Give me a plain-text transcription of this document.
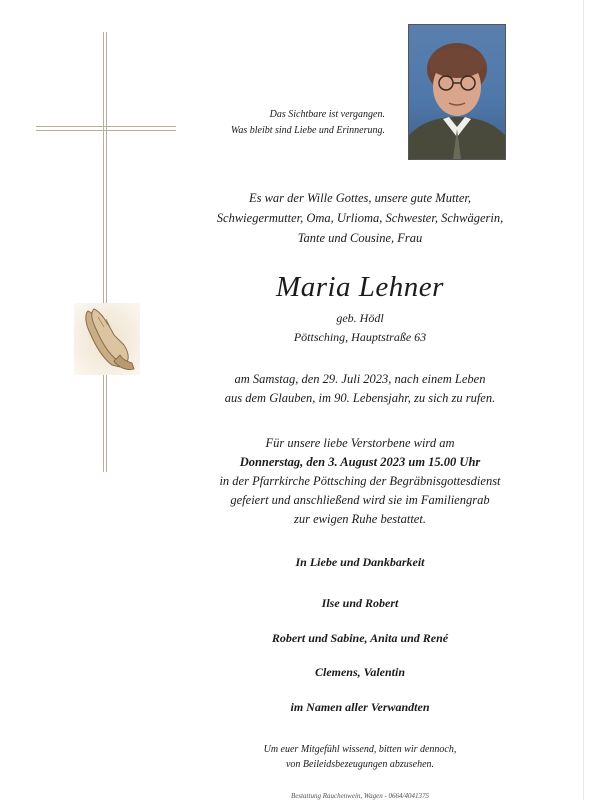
Das Sichtbare ist vergangen.
Was bleibt sind Liebe und Erinnerung.
Es war der Wille Gottes, unsere gute Mutter,
Schwiegermutter, Oma, Urlioma, Schwester, Schwägerin,
Tante und Cousine, Frau
Maria Lehner
geb. Hödl
Pöttsching, Hauptstraße 63
am Samstag, den 29. Juli 2023, nach einem Leben
aus dem Glauben, im 90. Lebensjahr, zu sich zu rufen.
Für unsere liebe Verstorbene wird am
Donnerstag, den 3. August 2023 um 15.00 Uhr
in der Pfarrkirche Pöttsching der Begräbnisgottesdienst
gefeiert und anschließend wird sie im Familiengrab
zur ewigen Ruhe bestattet.
In Liebe und Dankbarkeit
Ilse und Robert
Robert und Sabine, Anita und René
Clemens, Valentin
im Namen aller Verwandten
Um euer Mitgefühl wissend, bitten wir dennoch,
von Beileidsbezeugungen abzusehen.
Bestattung Rauchenwein, Wagen - 0664/4041375
